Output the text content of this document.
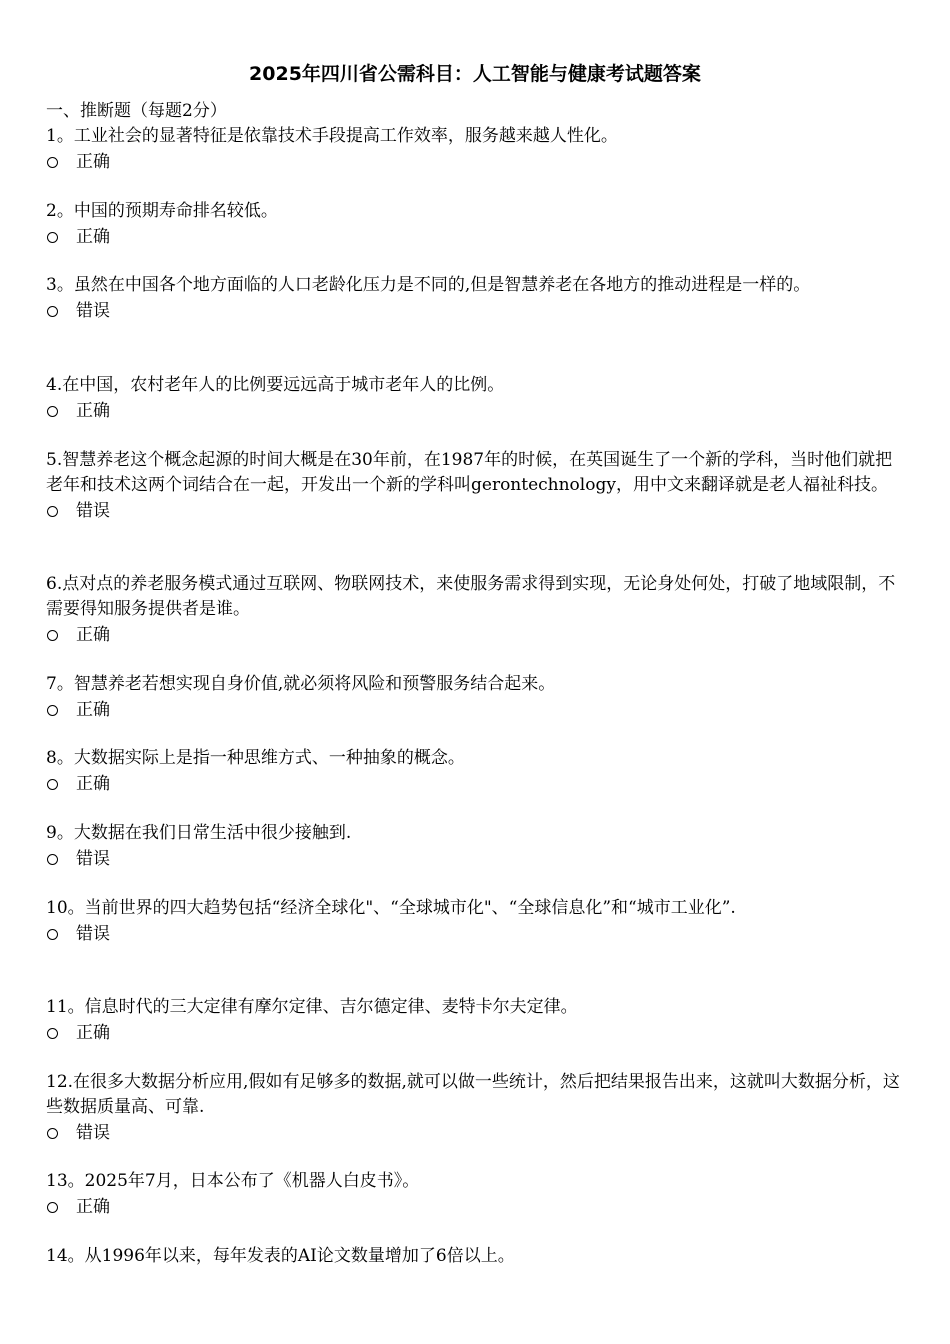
2025年四川省公需科目：人工智能与健康考试题答案
一、推断题（每题2分）

1。工业社会的显著特征是依靠技术手段提高工作效率，服务越来越人性化。

正确

2。中国的预期寿命排名较低。

正确

3。虽然在中国各个地方面临的人口老龄化压力是不同的,但是智慧养老在各地方的推动进程是一样的。

错误

4.在中国，农村老年人的比例要远远高于城市老年人的比例。

正确

5.智慧养老这个概念起源的时间大概是在30年前，在1987年的时候，在英国诞生了一个新的学科，当时他们就把老年和技术这两个词结合在一起，开发出一个新的学科叫gerontechnology，用中文来翻译就是老人福祉科技。

错误

6.点对点的养老服务模式通过互联网、物联网技术，来使服务需求得到实现，无论身处何处，打破了地域限制，不需要得知服务提供者是谁。

正确

7。智慧养老若想实现自身价值,就必须将风险和预警服务结合起来。

正确

8。大数据实际上是指一种思维方式、一种抽象的概念。

正确

9。大数据在我们日常生活中很少接触到.

错误

10。当前世界的四大趋势包括“经济全球化"、“全球城市化"、“全球信息化”和“城市工业化”.

错误

11。信息时代的三大定律有摩尔定律、吉尔德定律、麦特卡尔夫定律。

正确

12.在很多大数据分析应用,假如有足够多的数据,就可以做一些统计，然后把结果报告出来，这就叫大数据分析，这些数据质量高、可靠.

错误

13。2025年7月，日本公布了《机器人白皮书》。

正确

14。从1996年以来，每年发表的AI论文数量增加了6倍以上。
